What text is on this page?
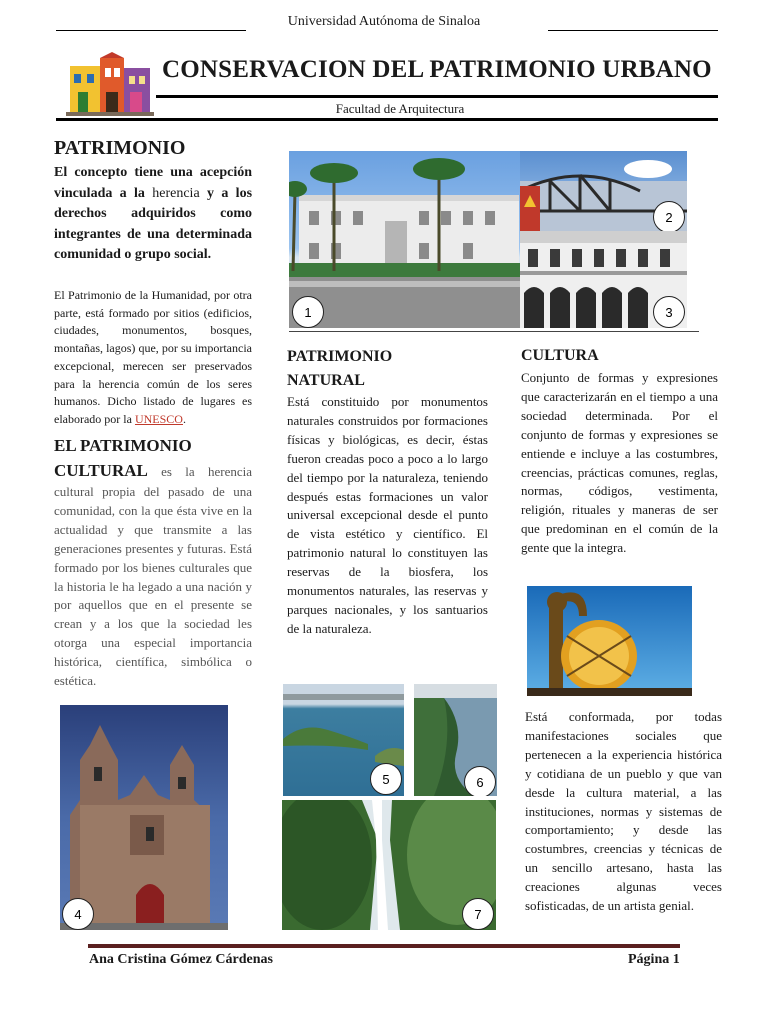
Universidad Autónoma de Sinaloa
CONSERVACION DEL PATRIMONIO URBANO
Facultad de Arquitectura
PATRIMONIO
El concepto tiene una acepción vinculada a la herencia y a los derechos adquiridos como integrantes de una determinada comunidad o grupo social.
El Patrimonio de la Humanidad, por otra parte, está formado por sitios (edificios, ciudades, monumentos, bosques, montañas, lagos) que, por su importancia excepcional, merecen ser preservados para la herencia común de los seres humanos. Dicho listado de lugares es elaborado por la UNESCO.
EL PATRIMONIO
CULTURAL es la herencia cultural propia del pasado de una comunidad, con la que ésta vive en la actualidad y que transmite a las generaciones presentes y futuras. Está formado por los bienes culturales que la historia le ha legado a una nación y por aquellos que en el presente se crean y a los que la sociedad les otorga una especial importancia histórica, científica, simbólica o estética.
4
1
2
3
PATRIMONIO
NATURAL

Está constituido por monumentos naturales construidos por formaciones físicas y biológicas, es decir, éstas fueron creadas poco a poco a lo largo del tiempo por la naturaleza, teniendo después estas formaciones un valor universal excepcional desde el punto de vista estético y científico. El patrimonio natural lo constituyen las reservas de la biosfera, los monumentos naturales, las reservas y parques nacionales, y los santuarios de la naturaleza.

5	6
7
CULTURA
Conjunto de formas y expresiones que caracterizarán en el tiempo a una sociedad determinada. Por el conjunto de formas y expresiones se entiende e incluye a las costumbres, creencias, prácticas comunes, reglas, normas, códigos, vestimenta, religión, rituales y maneras de ser que predominan en el común de la gente que la integra.
Está conformada, por todas manifestaciones sociales que pertenecen a la experiencia histórica y cotidiana de un pueblo y que van desde la cultura material, a las instituciones, normas y sistemas de comportamiento; y desde las costumbres, creencias y técnicas de un sencillo artesano, hasta las creaciones algunas veces sofisticadas, de un artista genial.
Ana Cristina Gómez Cárdenas	Página 1
